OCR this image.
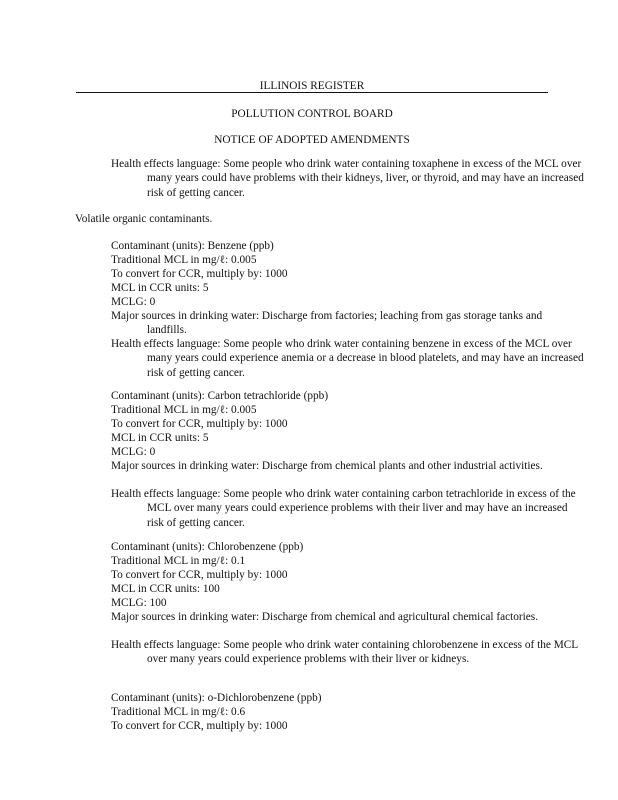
ILLINOIS REGISTER
POLLUTION CONTROL BOARD
NOTICE OF ADOPTED AMENDMENTS

Health effects language: Some people who drink water containing toxaphene in excess of the MCL over many years could have problems with their kidneys, liver, or thyroid, and may have an increased risk of getting cancer.

Volatile organic contaminants.

Contaminant (units): Benzene (ppb)
Traditional MCL in mg/ℓ: 0.005
To convert for CCR, multiply by: 1000
MCL in CCR units: 5
MCLG: 0

Major sources in drinking water: Discharge from factories; leaching from gas storage tanks and landfills.

Health effects language: Some people who drink water containing benzene in excess of the MCL over many years could experience anemia or a decrease in blood platelets, and may have an increased risk of getting cancer.

Contaminant (units): Carbon tetrachloride (ppb)
Traditional MCL in mg/ℓ: 0.005
To convert for CCR, multiply by: 1000
MCL in CCR units: 5
MCLG: 0

Major sources in drinking water: Discharge from chemical plants and other industrial activities.

Health effects language: Some people who drink water containing carbon tetrachloride in excess of the MCL over many years could experience problems with their liver and may have an increased risk of getting cancer.

Contaminant (units): Chlorobenzene (ppb)
Traditional MCL in mg/ℓ: 0.1
To convert for CCR, multiply by: 1000
MCL in CCR units: 100
MCLG: 100

Major sources in drinking water: Discharge from chemical and agricultural chemical factories.

Health effects language: Some people who drink water containing chlorobenzene in excess of the MCL over many years could experience problems with their liver or kidneys.

Contaminant (units): o-Dichlorobenzene (ppb)
Traditional MCL in mg/ℓ: 0.6
To convert for CCR, multiply by: 1000
